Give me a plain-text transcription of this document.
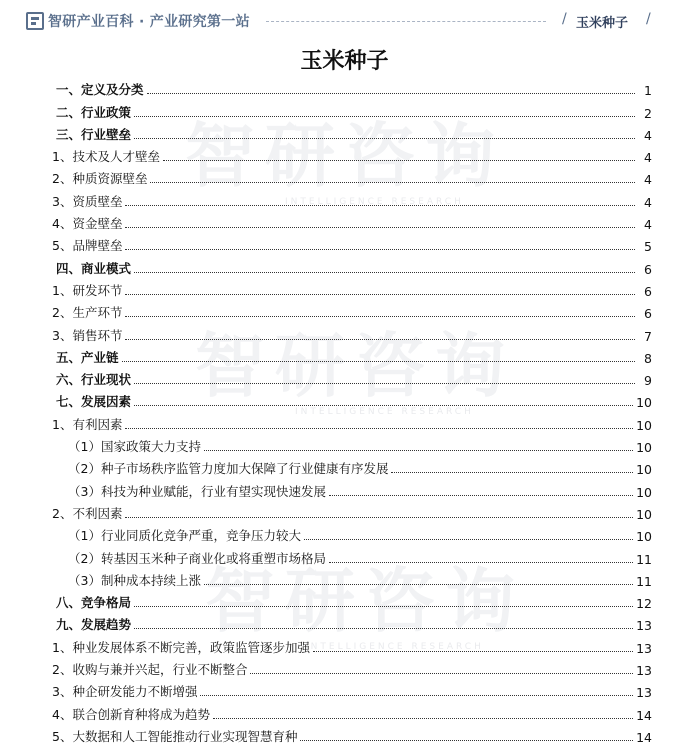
智研产业百科 · 产业研究第一站	/ 玉米种子 /
玉米种子
智研咨询
INTELLIGENCE RESEARCH
智研咨询
INTELLIGENCE RESEARCH
智研咨询
INTELLIGENCE RESEARCH
一、定义及分类	1
二、行业政策	2
三、行业壁垒	4
1、技术及人才壁垒	4
2、种质资源壁垒	4
3、资质壁垒	4
4、资金壁垒	4
5、品牌壁垒	5
四、商业模式	6
1、研发环节	6
2、生产环节	6
3、销售环节	7
五、产业链	8
六、行业现状	9
七、发展因素	10
1、有利因素	10
（1）国家政策大力支持	10
（2）种子市场秩序监管力度加大保障了行业健康有序发展	10
（3）科技为种业赋能，行业有望实现快速发展	10
2、不利因素	10
（1）行业同质化竞争严重，竞争压力较大	10
（2）转基因玉米种子商业化或将重塑市场格局	11
（3）制种成本持续上涨	11
八、竞争格局	12
九、发展趋势	13
1、种业发展体系不断完善，政策监管逐步加强	13
2、收购与兼并兴起，行业不断整合	13
3、种企研发能力不断增强	13
4、联合创新育种将成为趋势	14
5、大数据和人工智能推动行业实现智慧育种	14
